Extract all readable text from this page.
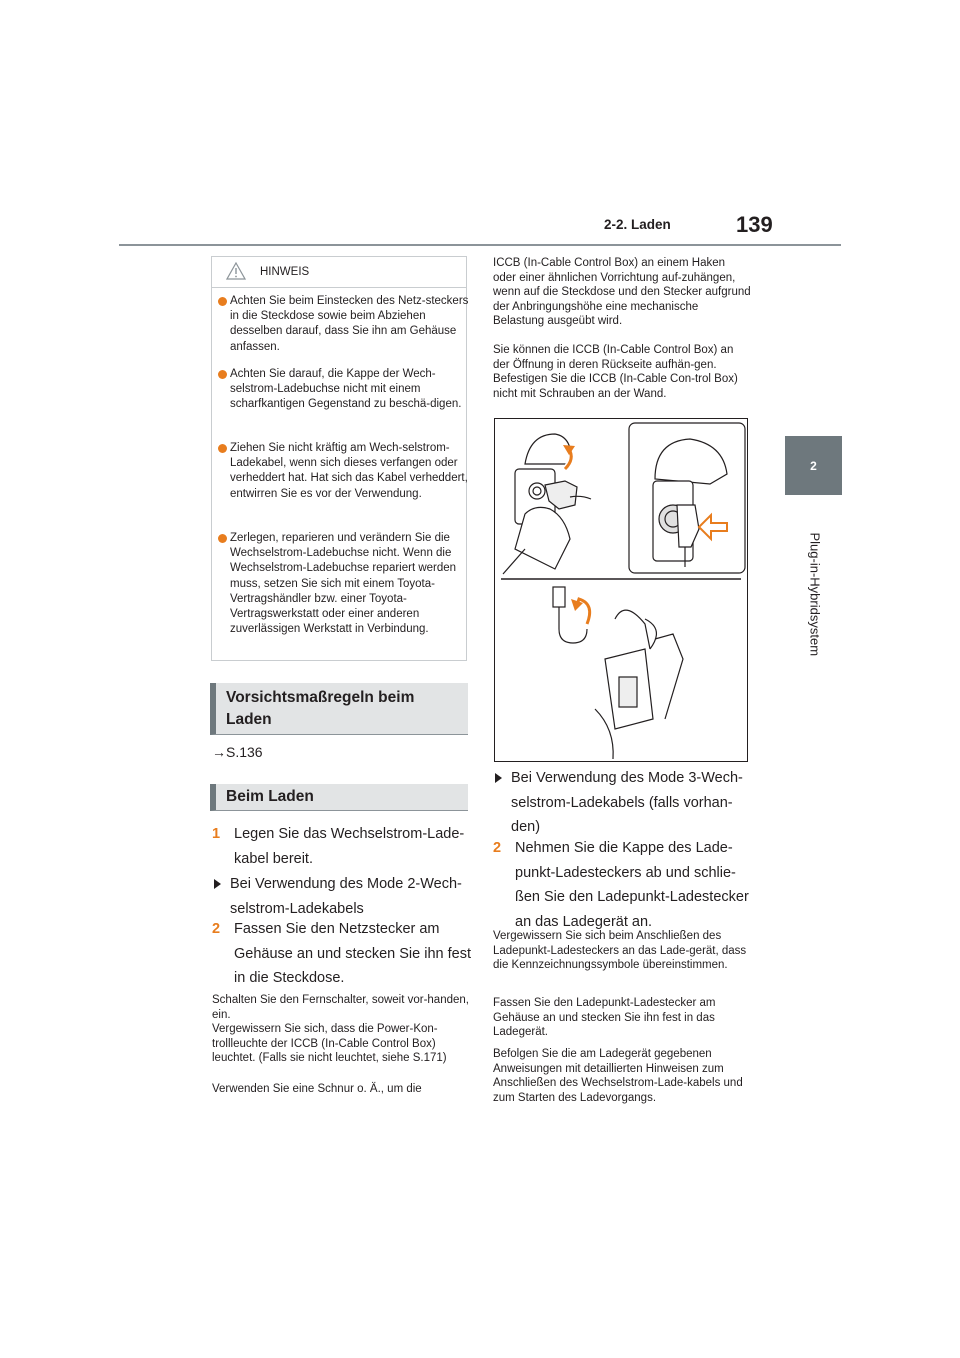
2-2. Laden	139
2
Plug-in-Hybridsystem
HINWEIS
Achten Sie beim Einstecken des Netz-steckers in die Steckdose sowie beim Abziehen desselben darauf, dass Sie ihn am Gehäuse anfassen.
Achten Sie darauf, die Kappe der Wech-selstrom-Ladebuchse nicht mit einem scharfkantigen Gegenstand zu beschä-digen.
Ziehen Sie nicht kräftig am Wech-selstrom-Ladekabel, wenn sich dieses verfangen oder verheddert hat. Hat sich das Kabel verheddert, entwirren Sie es vor der Verwendung.
Zerlegen, reparieren und verändern Sie die Wechselstrom-Ladebuchse nicht. Wenn die Wechselstrom-Ladebuchse repariert werden muss, setzen Sie sich mit einem Toyota-Vertragshändler bzw. einer Toyota-Vertragswerkstatt oder einer anderen zuverlässigen Werkstatt in Verbindung.
Vorsichtsmaßregeln beim Laden
→S.136
Beim Laden
1 Legen Sie das Wechselstrom-Lade-kabel bereit.
Bei Verwendung des Mode 2-Wech-selstrom-Ladekabels
2 Fassen Sie den Netzstecker am Gehäuse an und stecken Sie ihn fest in die Steckdose.
Schalten Sie den Fernschalter, soweit vor-handen, ein.
Vergewissern Sie sich, dass die Power-Kon-trollleuchte der ICCB (In-Cable Control Box) leuchtet. (Falls sie nicht leuchtet, siehe S.171)
Verwenden Sie eine Schnur o. Ä., um die
ICCB (In-Cable Control Box) an einem Haken oder einer ähnlichen Vorrichtung auf-zuhängen, wenn auf die Steckdose und den Stecker aufgrund der Anbringungshöhe eine mechanische Belastung ausgeübt wird.
Sie können die ICCB (In-Cable Control Box) an der Öffnung in deren Rückseite aufhän-gen. Befestigen Sie die ICCB (In-Cable Con-trol Box) nicht mit Schrauben an der Wand.
Bei Verwendung des Mode 3-Wech-selstrom-Ladekabels (falls vorhan-den)
2 Nehmen Sie die Kappe des Lade-punkt-Ladesteckers ab und schlie-ßen Sie den Ladepunkt-Ladestecker an das Ladegerät an.
Vergewissern Sie sich beim Anschließen des Ladepunkt-Ladesteckers an das Lade-gerät, dass die Kennzeichnungssymbole übereinstimmen.
Fassen Sie den Ladepunkt-Ladestecker am Gehäuse an und stecken Sie ihn fest in das Ladegerät.
Befolgen Sie die am Ladegerät gegebenen Anweisungen mit detaillierten Hinweisen zum Anschließen des Wechselstrom-Lade-kabels und zum Starten des Ladevorgangs.
